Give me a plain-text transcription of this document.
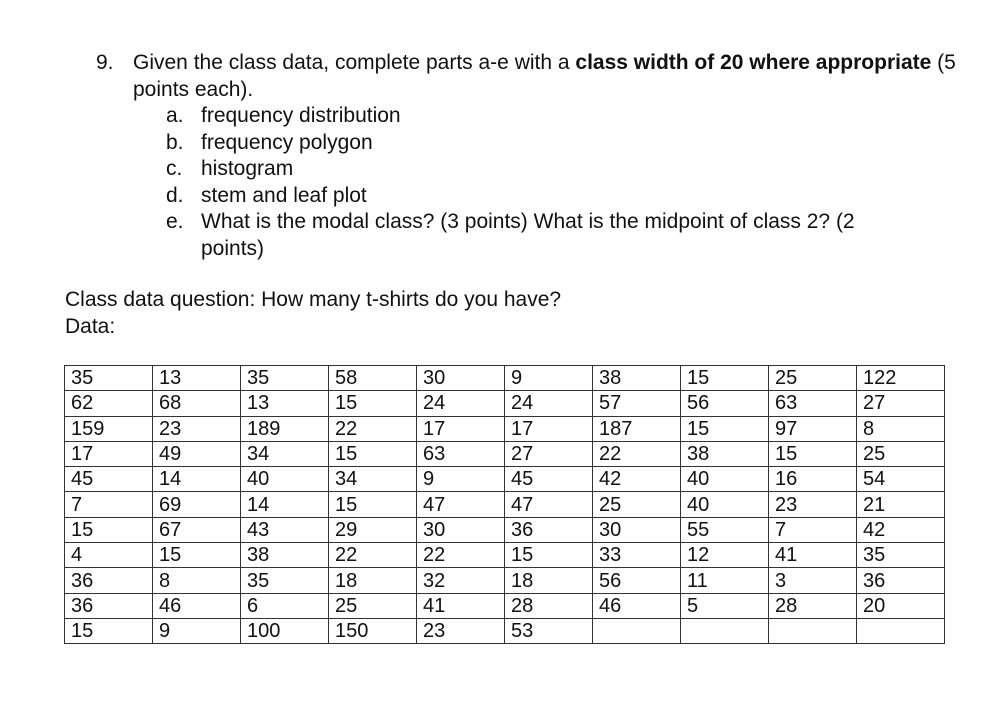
9. Given the class data, complete parts a-e with a class width of 20 where appropriate (5 points each).
a. frequency distribution
b. frequency polygon
c. histogram
d. stem and leaf plot
e. What is the modal class? (3 points) What is the midpoint of class 2? (2 points)
Class data question: How many t-shirts do you have?
Data:
35	13	35	58	30	9	38	15	25	122
62	68	13	15	24	24	57	56	63	27
159	23	189	22	17	17	187	15	97	8
17	49	34	15	63	27	22	38	15	25
45	14	40	34	9	45	42	40	16	54
7	69	14	15	47	47	25	40	23	21
15	67	43	29	30	36	30	55	7	42
4	15	38	22	22	15	33	12	41	35
36	8	35	18	32	18	56	11	3	36
36	46	6	25	41	28	46	5	28	20
15	9	100	150	23	53				
